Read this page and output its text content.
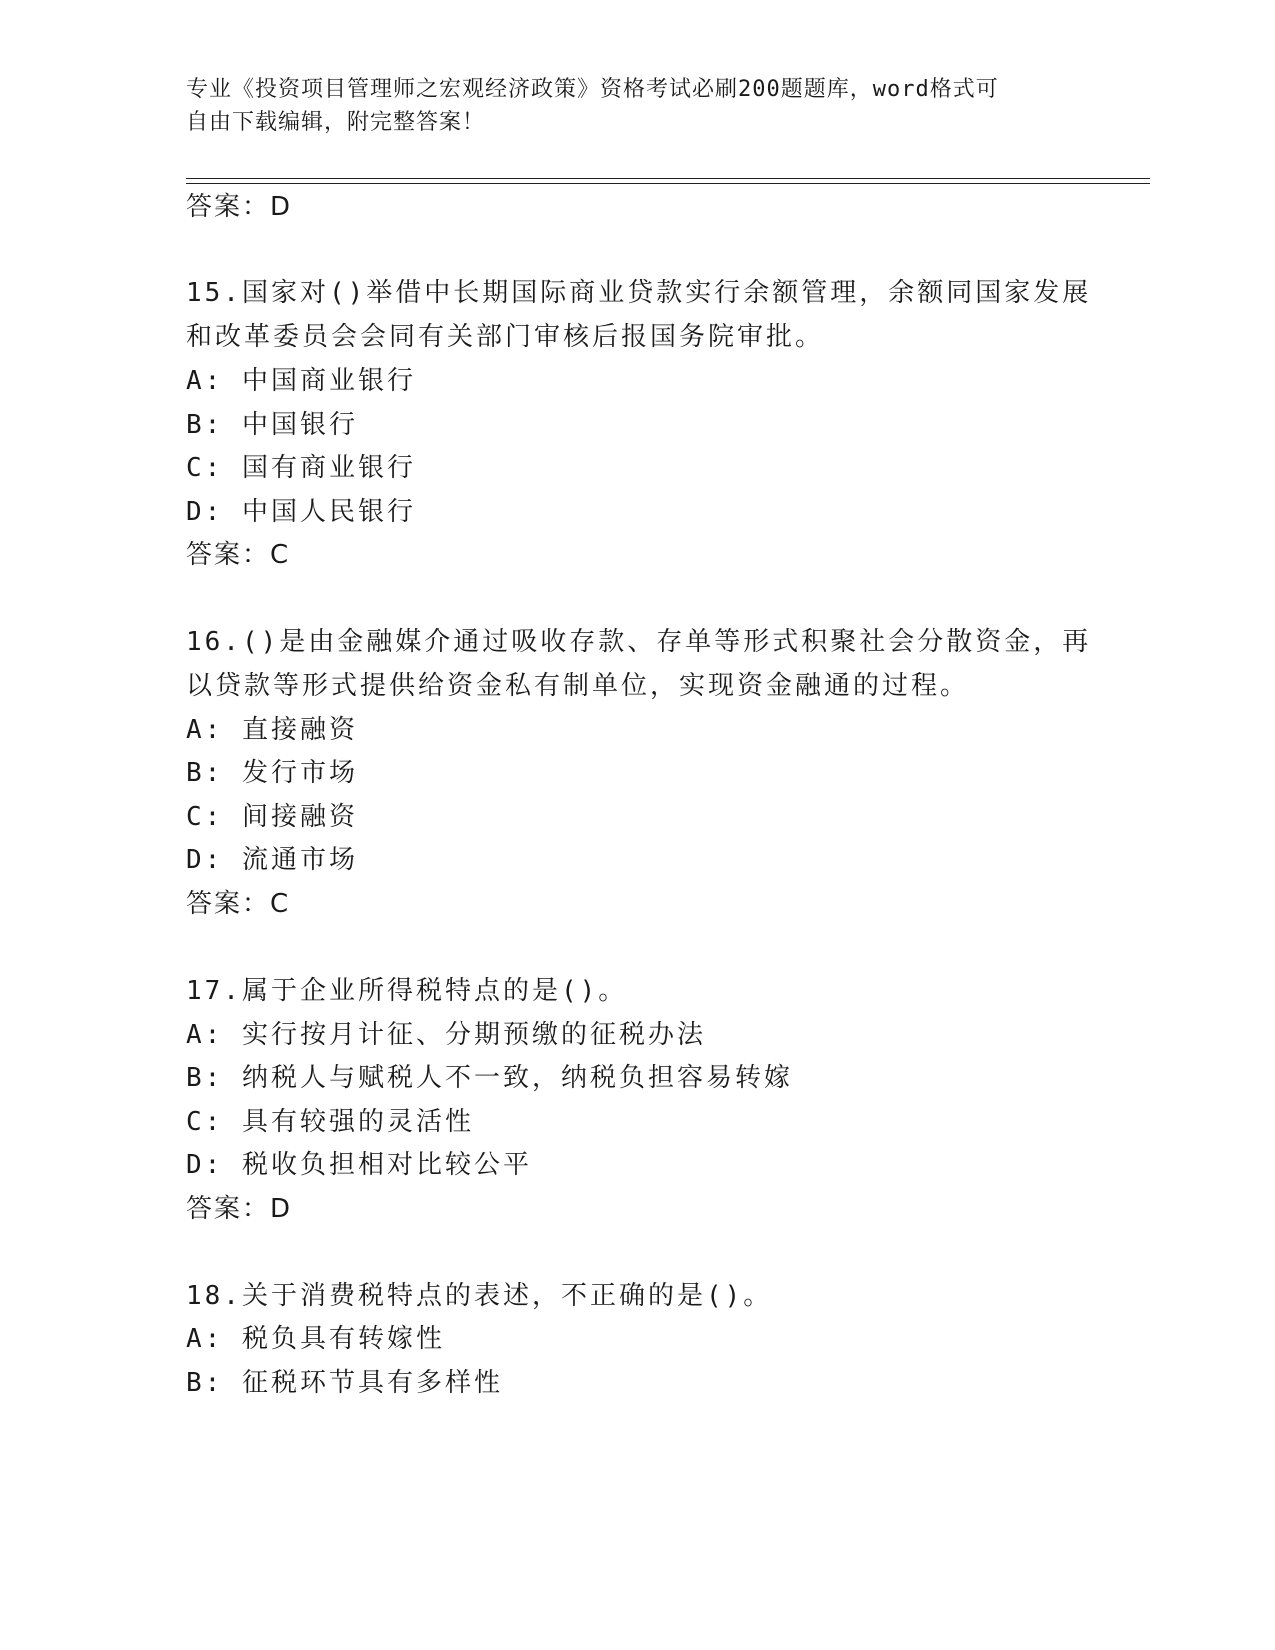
专业《投资项目管理师之宏观经济政策》资格考试必刷200题题库，word格式可
自由下载编辑，附完整答案！
答案：D
15.国家对()举借中长期国际商业贷款实行余额管理，余额同国家发展
和改革委员会会同有关部门审核后报国务院审批。
A: 中国商业银行
B: 中国银行
C: 国有商业银行
D: 中国人民银行
答案：C
16.()是由金融媒介通过吸收存款、存单等形式积聚社会分散资金，再
以贷款等形式提供给资金私有制单位，实现资金融通的过程。
A: 直接融资
B: 发行市场
C: 间接融资
D: 流通市场
答案：C
17.属于企业所得税特点的是()。
A: 实行按月计征、分期预缴的征税办法
B: 纳税人与赋税人不一致，纳税负担容易转嫁
C: 具有较强的灵活性
D: 税收负担相对比较公平
答案：D
18.关于消费税特点的表述，不正确的是()。
A: 税负具有转嫁性
B: 征税环节具有多样性
